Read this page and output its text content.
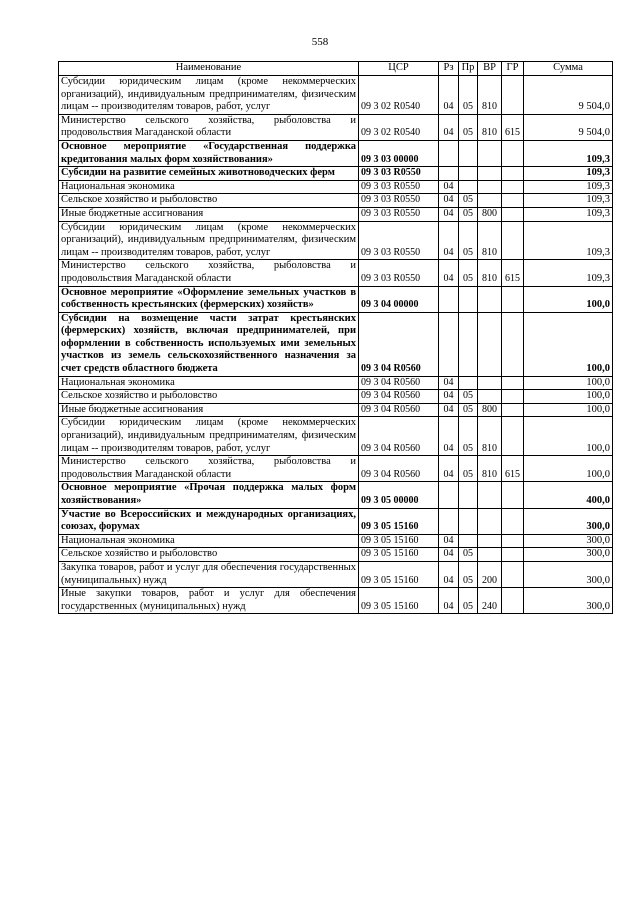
558
Наименование	ЦСР	Рз	Пр	ВР	ГР	Сумма
Субсидии юридическим лицам (кроме некоммерческих организаций), индивидуальным предпринимателям, физическим лицам -- производителям товаров, работ, услуг	09 3 02 R0540	04	05	810		9 504,0
Министерство сельского хозяйства, рыболовства и продовольствия Магаданской области	09 3 02 R0540	04	05	810	615	9 504,0
Основное мероприятие «Государственная поддержка кредитования малых форм хозяйствования»	09 3 03 00000					109,3
Субсидии на развитие семейных животноводческих ферм	09 3 03 R0550					109,3
Национальная экономика	09 3 03 R0550	04				109,3
Сельское хозяйство и рыболовство	09 3 03 R0550	04	05			109,3
Иные бюджетные ассигнования	09 3 03 R0550	04	05	800		109,3
Субсидии юридическим лицам (кроме некоммерческих организаций), индивидуальным предпринимателям, физическим лицам -- производителям товаров, работ, услуг	09 3 03 R0550	04	05	810		109,3
Министерство сельского хозяйства, рыболовства и продовольствия Магаданской области	09 3 03 R0550	04	05	810	615	109,3
Основное мероприятие «Оформление земельных участков в собственность крестьянских (фермерских) хозяйств»	09 3 04 00000					100,0
Субсидии на возмещение части затрат крестьянских (фермерских) хозяйств, включая предпринимателей, при оформлении в собственность используемых ими земельных участков из земель сельскохозяйственного назначения за счет средств областного бюджета	09 3 04 R0560					100,0
Национальная экономика	09 3 04 R0560	04				100,0
Сельское хозяйство и рыболовство	09 3 04 R0560	04	05			100,0
Иные бюджетные ассигнования	09 3 04 R0560	04	05	800		100,0
Субсидии юридическим лицам (кроме некоммерческих организаций), индивидуальным предпринимателям, физическим лицам -- производителям товаров, работ, услуг	09 3 04 R0560	04	05	810		100,0
Министерство сельского хозяйства, рыболовства и продовольствия Магаданской области	09 3 04 R0560	04	05	810	615	100,0
Основное мероприятие «Прочая поддержка малых форм хозяйствования»	09 3 05 00000					400,0
Участие во Всероссийских и международных организациях, союзах, форумах	09 3 05 15160					300,0
Национальная экономика	09 3 05 15160	04				300,0
Сельское хозяйство и рыболовство	09 3 05 15160	04	05			300,0
Закупка товаров, работ и услуг для обеспечения государственных (муниципальных) нужд	09 3 05 15160	04	05	200		300,0
Иные закупки товаров, работ и услуг для обеспечения государственных (муниципальных) нужд	09 3 05 15160	04	05	240		300,0
